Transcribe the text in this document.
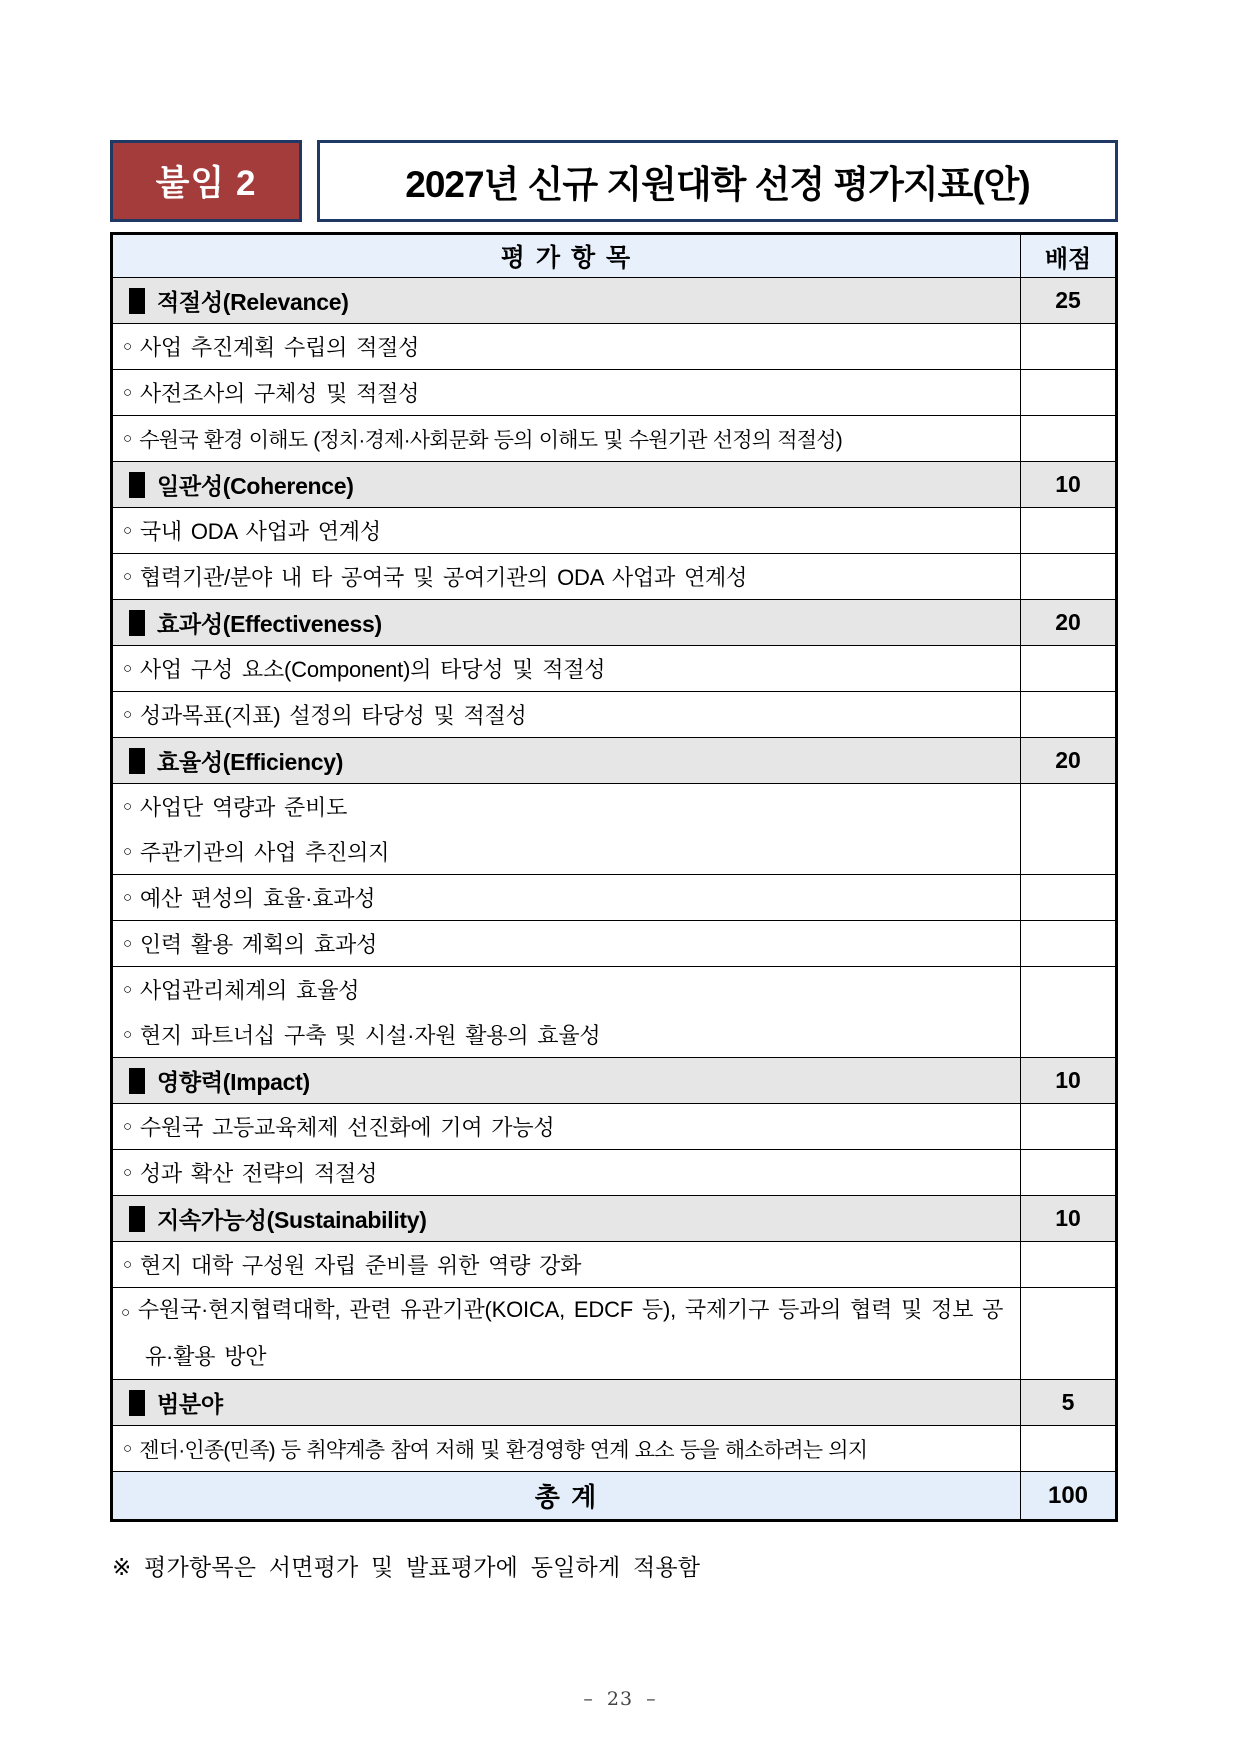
붙임 2	2027년 신규 지원대학 선정 평가지표(안)
평 가 항 목	배점
적절성(Relevance)	25
○ 사업 추진계획 수립의 적절성
○ 사전조사의 구체성 및 적절성
○ 수원국 환경 이해도 (정치·경제·사회문화 등의 이해도 및 수원기관 선정의 적절성)
일관성(Coherence)	10
○ 국내 ODA 사업과 연계성
○ 협력기관/분야 내 타 공여국 및 공여기관의 ODA 사업과 연계성
효과성(Effectiveness)	20
○ 사업 구성 요소(Component)의 타당성 및 적절성
○ 성과목표(지표) 설정의 타당성 및 적절성
효율성(Efficiency)	20
○ 사업단 역량과 준비도
○ 주관기관의 사업 추진의지
○ 예산 편성의 효율·효과성
○ 인력 활용 계획의 효과성
○ 사업관리체계의 효율성
○ 현지 파트너십 구축 및 시설·자원 활용의 효율성
영향력(Impact)	10
○ 수원국 고등교육체제 선진화에 기여 가능성
○ 성과 확산 전략의 적절성
지속가능성(Sustainability)	10
○ 현지 대학 구성원 자립 준비를 위한 역량 강화
○ 수원국·현지협력대학, 관련 유관기관(KOICA, EDCF 등), 국제기구 등과의 협력 및 정보 공유·활용 방안
범분야	5
○ 젠더·인종(민족) 등 취약계층 참여 저해 및 환경영향 연계 요소 등을 해소하려는 의지
총 계	100
※ 평가항목은 서면평가 및 발표평가에 동일하게 적용함
– 23 –
